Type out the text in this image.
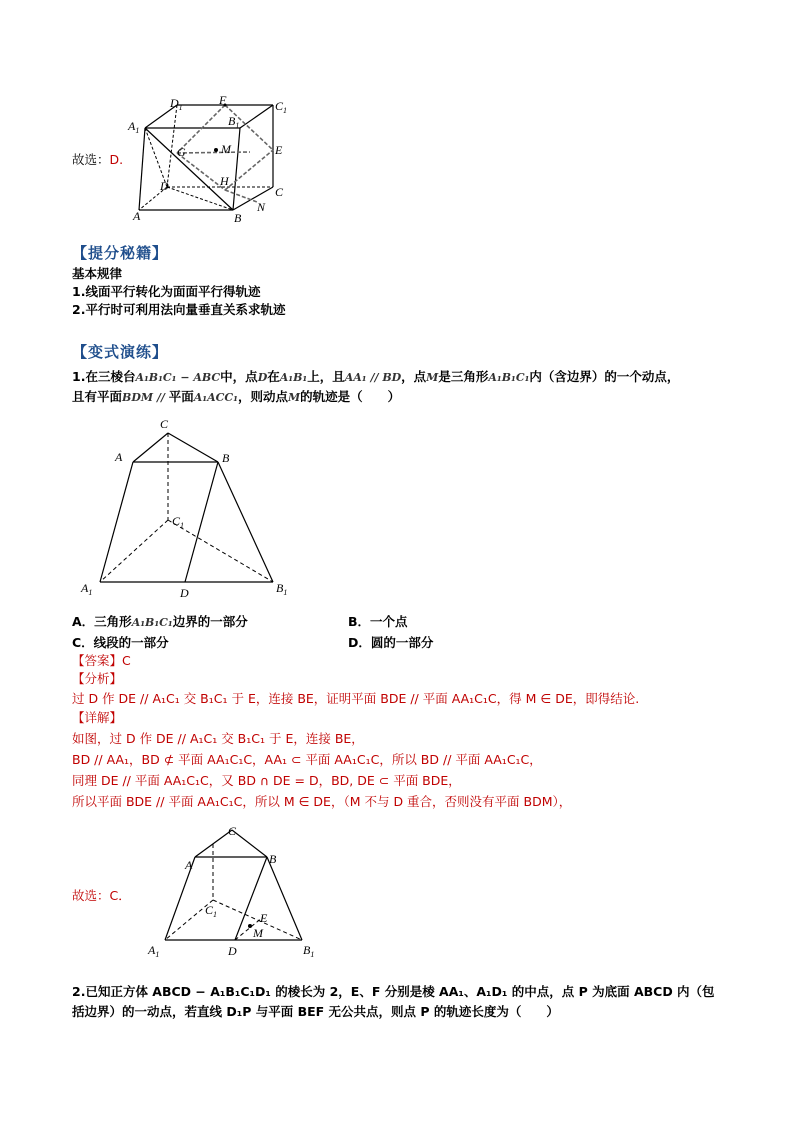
故选：D.
$D_1$
F	$C_1$
$A_1$
$B_1$
G	M	E
H
D	C
A	B
N
【提分秘籍】
基本规律
1.线面平行转化为面面平行得轨迹
2.平行时可利用法向量垂直关系求轨迹
【变式演练】
1.在三棱台A₁B₁C₁ − ABC中，点D在A₁B₁上，且AA₁ // BD，点M是三角形A₁B₁C₁内（含边界）的一个动点，
且有平面BDM // 平面A₁ACC₁，则动点M的轨迹是（　　）
C
A	B
$C_1$
$A_1$	D	$B_1$
A．三角形A₁B₁C₁边界的一部分	B．一个点
C．线段的一部分	D．圆的一部分
【答案】C
【分析】
过 D 作 DE // A₁C₁ 交 B₁C₁ 于 E，连接 BE，证明平面 BDE // 平面 AA₁C₁C，得 M ∈ DE，即得结论.
【详解】
如图，过 D 作 DE // A₁C₁ 交 B₁C₁ 于 E，连接 BE，
BD // AA₁，BD ⊄ 平面 AA₁C₁C，AA₁ ⊂ 平面 AA₁C₁C，所以 BD // 平面 AA₁C₁C，
同理 DE // 平面 AA₁C₁C，又 BD ∩ DE = D，BD, DE ⊂ 平面 BDE，
所以平面 BDE // 平面 AA₁C₁C，所以 M ∈ DE，（M 不与 D 重合，否则没有平面 BDM），
故选：C．
C
A	B
$C_1$	E
M
$A_1$	D	$B_1$
2.已知正方体 ABCD − A₁B₁C₁D₁ 的棱长为 2，E、F 分别是棱 AA₁、A₁D₁ 的中点，点 P 为底面 ABCD 内（包
括边界）的一动点，若直线 D₁P 与平面 BEF 无公共点，则点 P 的轨迹长度为（　　）
